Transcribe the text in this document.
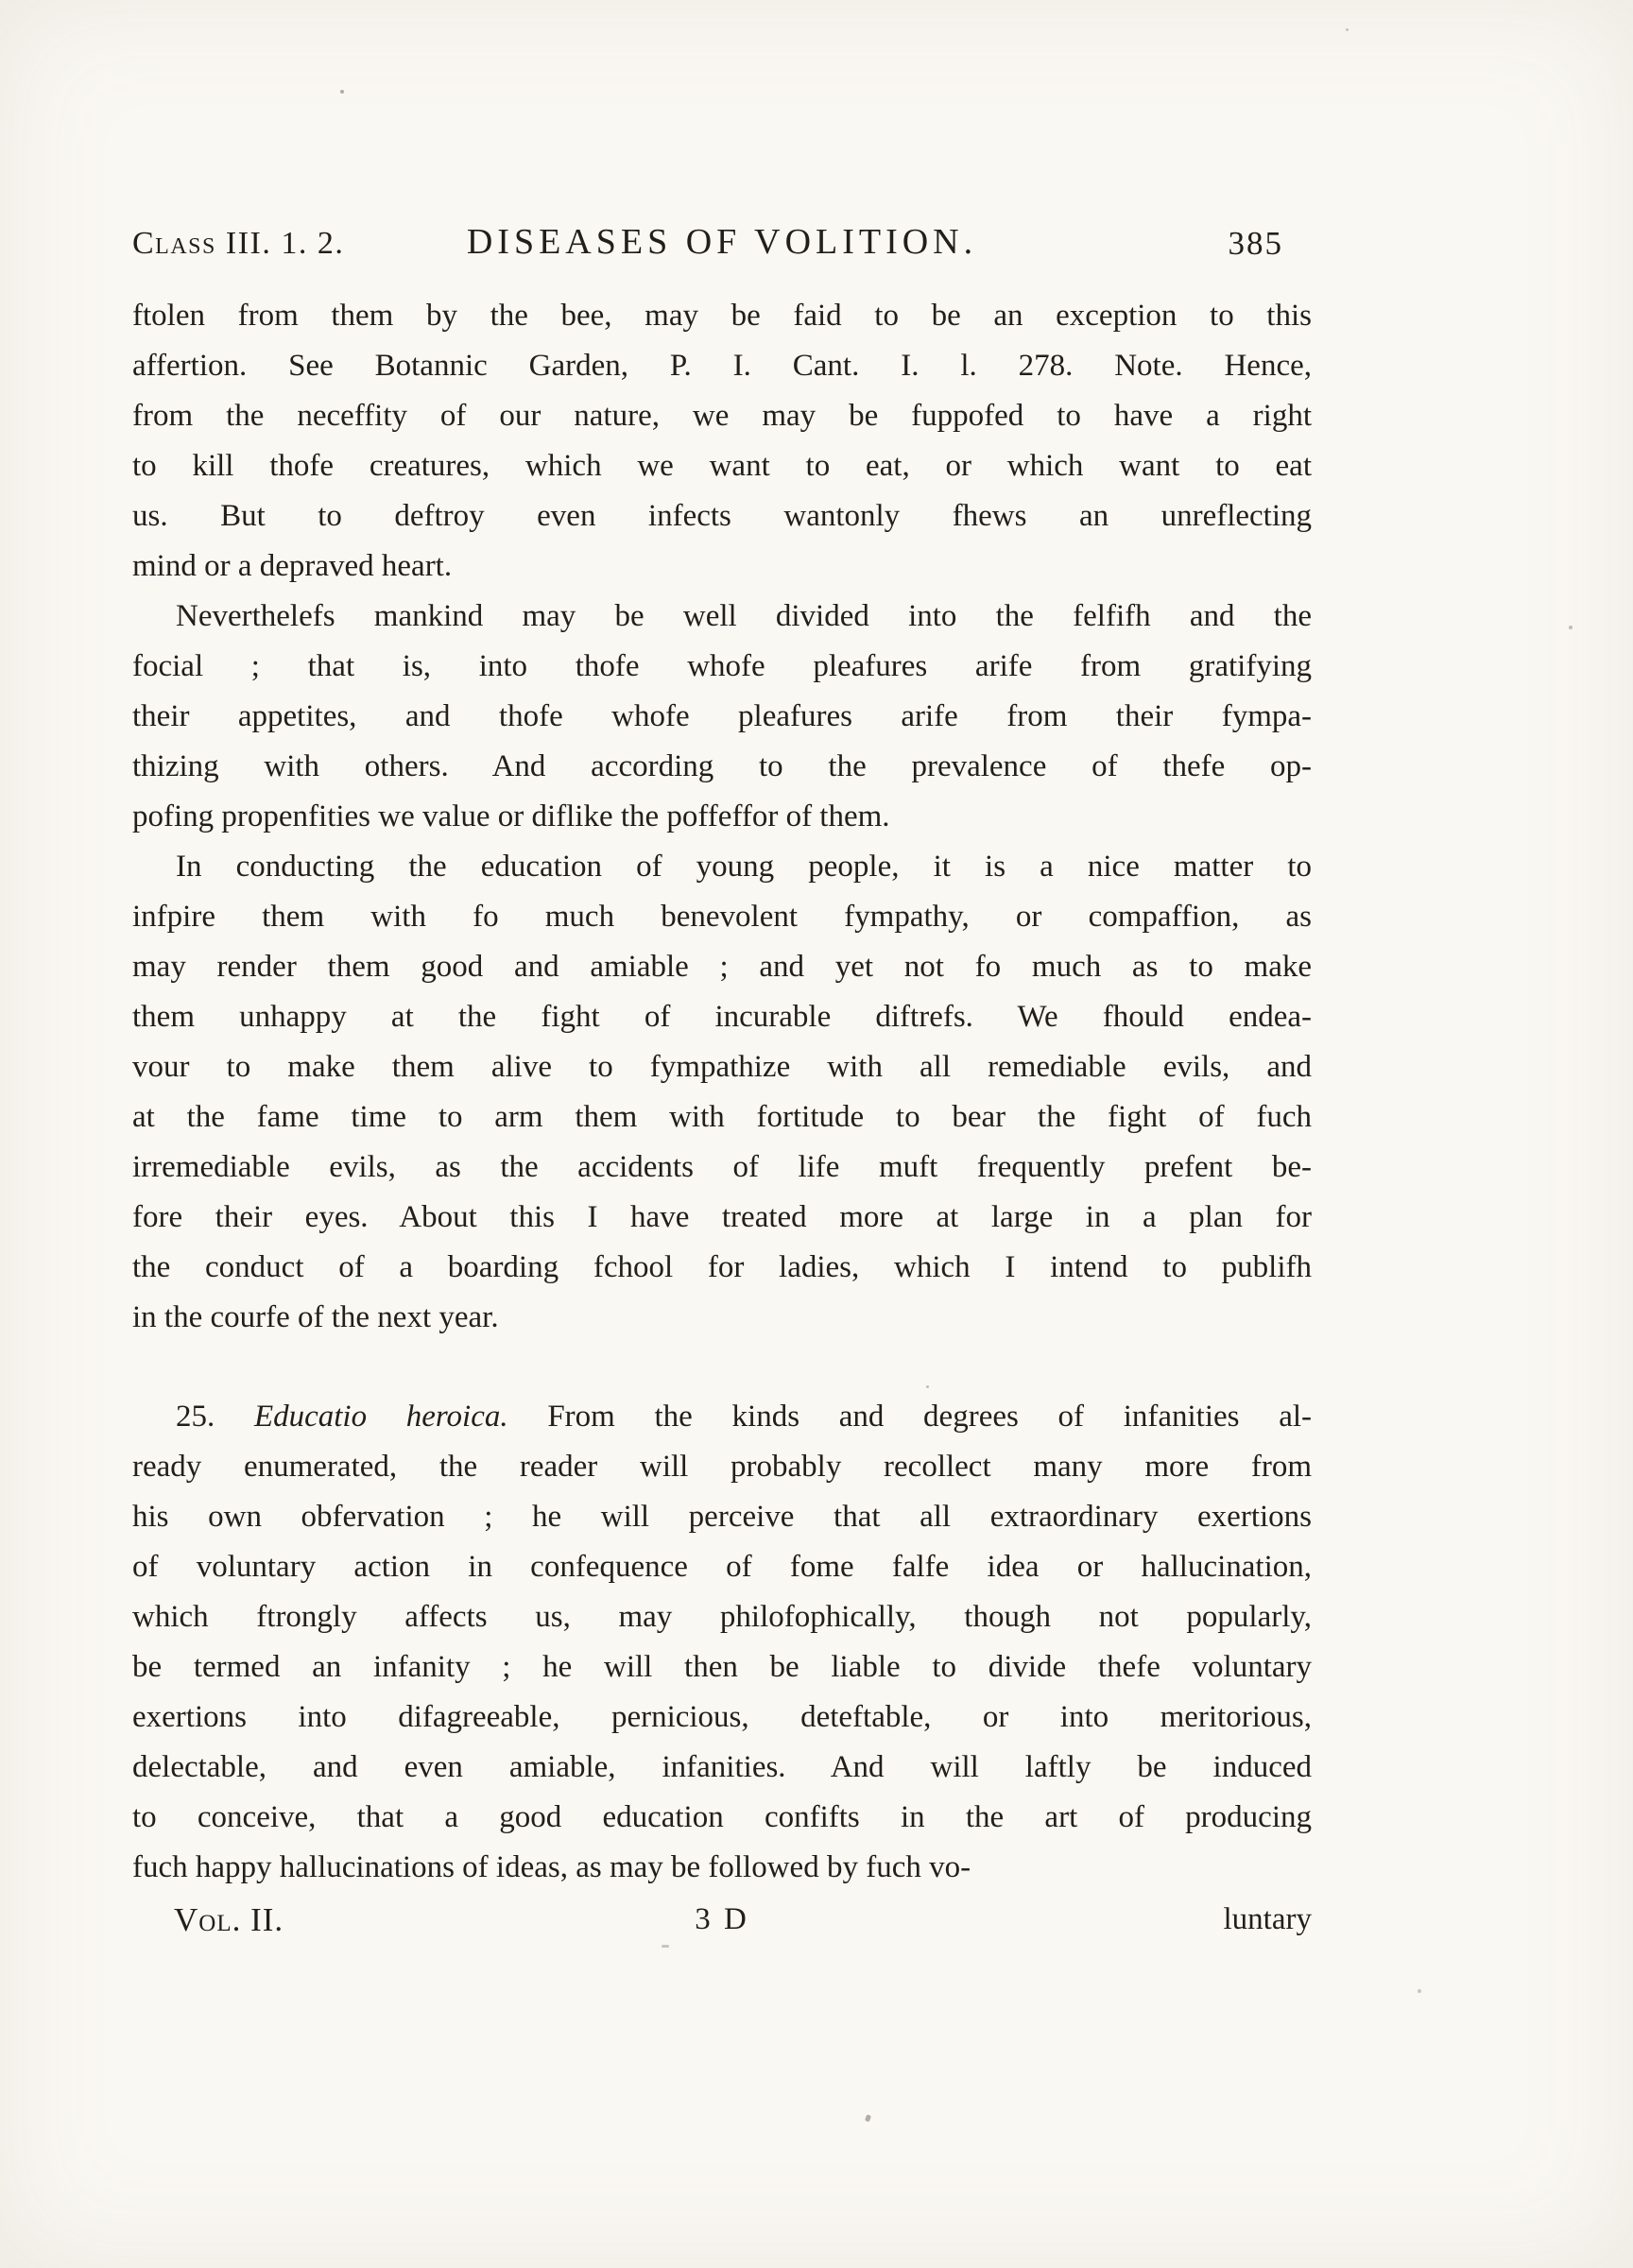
Class III. 1. 2.	DISEASES OF VOLITION.	385
ftolen from them by the bee, may be faid to be an exception to this
affertion. See Botannic Garden, P. I. Cant. I. l. 278. Note. Hence,
from the neceffity of our nature, we may be fuppofed to have a right
to kill thofe creatures, which we want to eat, or which want to eat
us. But to deftroy even infects wantonly fhews an unreflecting
mind or a depraved heart.
Neverthelefs mankind may be well divided into the felfifh and the
focial ; that is, into thofe whofe pleafures arife from gratifying
their appetites, and thofe whofe pleafures arife from their fympa-
thizing with others. And according to the prevalence of thefe op-
pofing propenfities we value or diflike the poffeffor of them.
In conducting the education of young people, it is a nice matter to
infpire them with fo much benevolent fympathy, or compaffion, as
may render them good and amiable ; and yet not fo much as to make
them unhappy at the fight of incurable diftrefs. We fhould endea-
vour to make them alive to fympathize with all remediable evils, and
at the fame time to arm them with fortitude to bear the fight of fuch
irremediable evils, as the accidents of life muft frequently prefent be-
fore their eyes. About this I have treated more at large in a plan for
the conduct of a boarding fchool for ladies, which I intend to publifh
in the courfe of the next year.
25. Educatio heroica. From the kinds and degrees of infanities al-
ready enumerated, the reader will probably recollect many more from
his own obfervation ; he will perceive that all extraordinary exertions
of voluntary action in confequence of fome falfe idea or hallucination,
which ftrongly affects us, may philofophically, though not popularly,
be termed an infanity ; he will then be liable to divide thefe voluntary
exertions into difagreeable, pernicious, deteftable, or into meritorious,
delectable, and even amiable, infanities. And will laftly be induced
to conceive, that a good education confifts in the art of producing
fuch happy hallucinations of ideas, as may be followed by fuch vo-
Vol. II.	3 D	luntary
